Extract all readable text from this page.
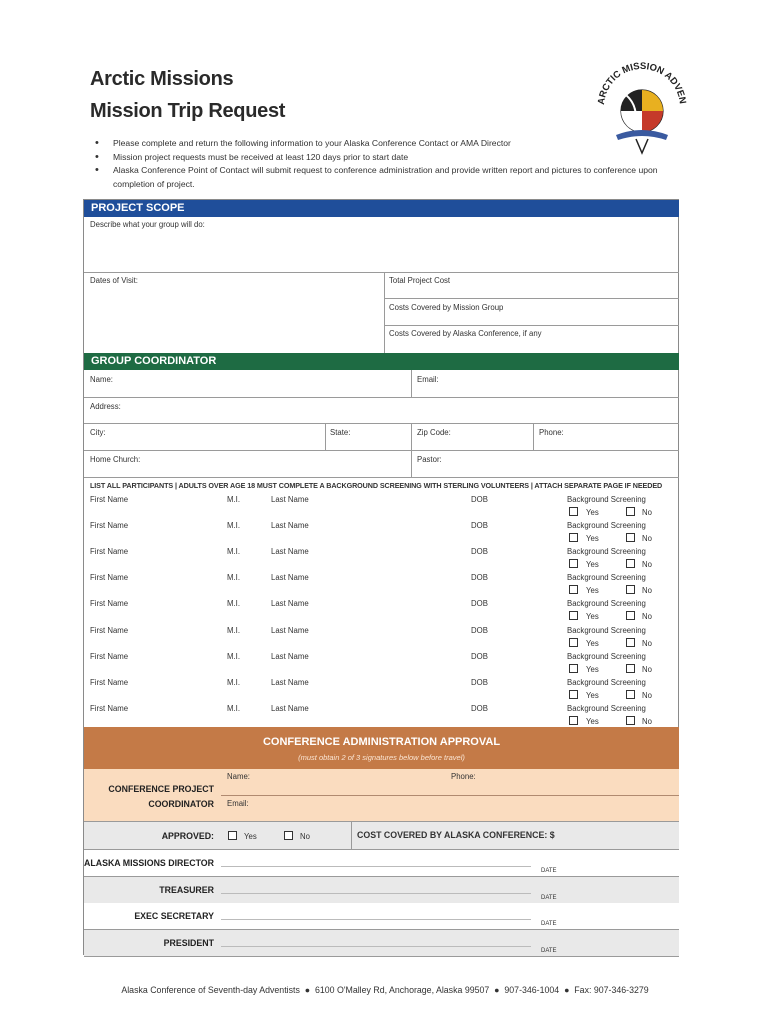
Arctic Missions
Mission Trip Request	ARCTIC MISSION ADVEN
• Please complete and return the following information to your Alaska Conference Contact or AMA Director
• Mission project requests must be received at least 120 days prior to start date
• Alaska Conference Point of Contact will submit request to conference administration and provide written report and pictures to conference upon completion of project.
PROJECT SCOPE
Describe what your group will do:
Dates of Visit:	Total Project Cost
Costs Covered by Mission Group
Costs Covered by Alaska Conference, if any
GROUP COORDINATOR
Name:	Email:
Address:
City:	State:	Zip Code:	Phone:
Home Church:	Pastor:
LIST ALL PARTICIPANTS | ADULTS OVER AGE 18 MUST COMPLETE A BACKGROUND SCREENING WITH STERLING VOLUNTEERS | ATTACH SEPARATE PAGE IF NEEDED
First Name	M.I.	Last Name	DOB	Background Screening
Yes	No
First Name	M.I.	Last Name	DOB	Background Screening
Yes	No
First Name	M.I.	Last Name	DOB	Background Screening
Yes	No
First Name	M.I.	Last Name	DOB	Background Screening
Yes	No
First Name	M.I.	Last Name	DOB	Background Screening
Yes	No
First Name	M.I.	Last Name	DOB	Background Screening
Yes	No
First Name	M.I.	Last Name	DOB	Background Screening
Yes	No
First Name	M.I.	Last Name	DOB	Background Screening
Yes	No
First Name	M.I.	Last Name	DOB	Background Screening
Yes	No
CONFERENCE ADMINISTRATION APPROVAL
(must obtain 2 of 3 signatures below before travel)
Name:	Phone:
CONFERENCE PROJECT
COORDINATOR Email:
APPROVED:	Yes	No	COST COVERED BY ALASKA CONFERENCE: $
ALASKA MISSIONS DIRECTOR
DATE
TREASURER
DATE
EXEC SECRETARY
DATE
PRESIDENT
DATE
Alaska Conference of Seventh-day Adventists ● 6100 O'Malley Rd, Anchorage, Alaska 99507 ● 907-346-1004 ● Fax: 907-346-3279
